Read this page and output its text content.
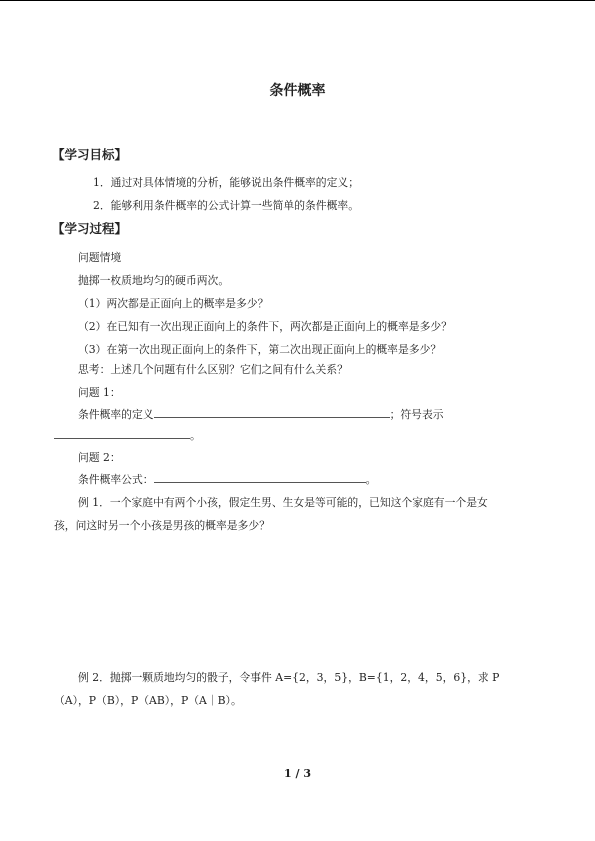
条件概率
【学习目标】
1．通过对具体情境的分析，能够说出条件概率的定义；
2．能够利用条件概率的公式计算一些简单的条件概率。
【学习过程】
问题情境
抛掷一枚质地均匀的硬币两次。
（1）两次都是正面向上的概率是多少？
（2）在已知有一次出现正面向上的条件下，两次都是正面向上的概率是多少？
（3）在第一次出现正面向上的条件下，第二次出现正面向上的概率是多少？
思考：上述几个问题有什么区别？它们之间有什么关系？
问题 1：
条件概率的定义	；符号表示
。
问题 2：
条件概率公式：	。
例 1．一个家庭中有两个小孩，假定生男、生女是等可能的，已知这个家庭有一个是女
孩，问这时另一个小孩是男孩的概率是多少？
例 2．抛掷一颗质地均匀的骰子，令事件 A={2，3，5}，B={1，2，4，5，6}，求 P
（A），P（B），P（AB），P（A｜B）。
1 / 3
